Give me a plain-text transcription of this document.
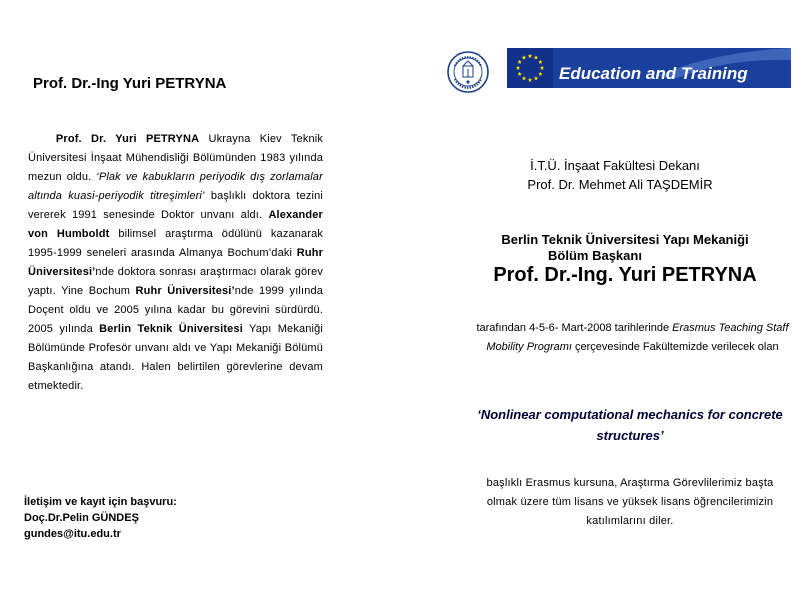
Prof. Dr.-Ing Yuri PETRYNA
Prof. Dr. Yuri PETRYNA Ukrayna Kiev Teknik Üniversitesi İnşaat Mühendisliği Bölümünden 1983 yılında mezun oldu. ‘Plak ve kabukların periyodik dış zorlamalar altında kuasi-periyodik titreşimleri’ başlıklı doktora tezini vererek 1991 senesinde Doktor unvanı aldı. Alexander von Humboldt bilimsel araştırma ödülünü kazanarak 1995-1999 seneleri arasında Almanya Bochum’daki Ruhr Üniversitesi’nde doktora sonrası araştırmacı olarak görev yaptı. Yine Bochum Ruhr Üniversitesi’nde 1999 yılında Doçent oldu ve 2005 yılına kadar bu görevini sürdürdü. 2005 yılında Berlin Teknik Üniversitesi Yapı Mekaniği Bölümünde Profesör unvanı aldı ve Yapı Mekaniği Bölümü Başkanlığına atandı. Halen belirtilen görevlerine devam etmektedir.
İletişim ve kayıt için başvuru:
Doç.Dr.Pelin GÜNDEŞ
gundes@itu.edu.tr
Education and Training
İ.T.Ü. İnşaat Fakültesi Dekanı
Prof. Dr. Mehmet Ali TAŞDEMİR
Berlin Teknik Üniversitesi Yapı Mekaniği
Bölüm Başkanı
Prof. Dr.-Ing. Yuri PETRYNA
tarafından 4-5-6- Mart-2008 tarihlerinde Erasmus Teaching Staff Mobility Programı çerçevesinde Fakültemizde verilecek olan
‘Nonlinear computational mechanics for concrete structures’
başlıklı Erasmus kursuna, Araştırma Görevlilerimiz başta olmak üzere tüm lisans ve yüksek lisans öğrencilerimizin katılımlarını diler.
